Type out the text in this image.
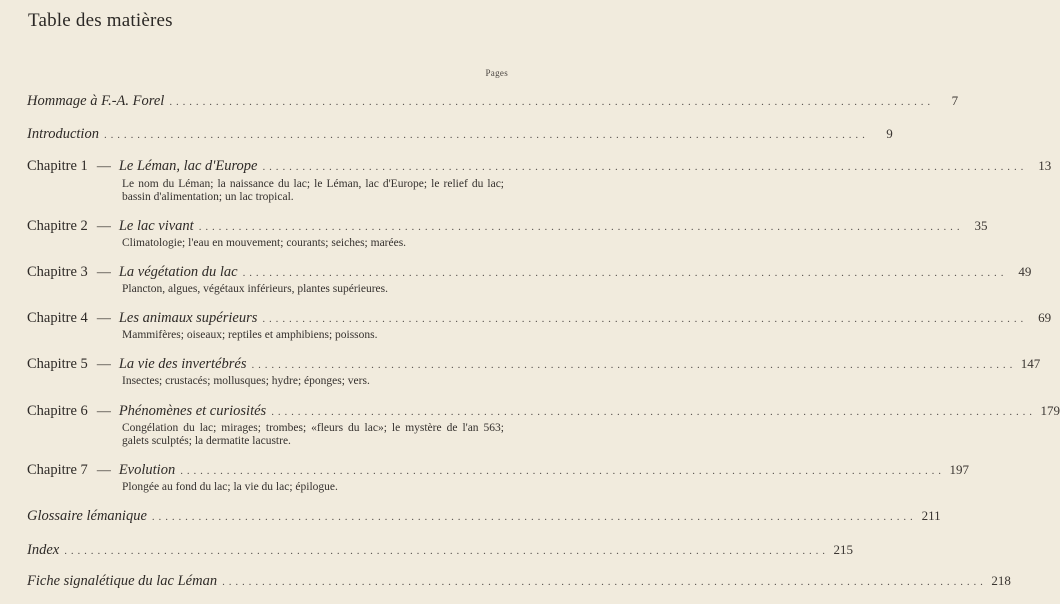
Table des matières
Pages
Hommage à F.-A. Forel ...................................................................................................................	7
Introduction ...................................................................................................................	9
Chapitre 1 — Le Léman, lac d'Europe ................................................................................................................... 13
Le nom du Léman; la naissance du lac; le Léman, lac d'Europe; le relief du lac; bassin d'alimentation; un lac tropical.
Chapitre 2 — Le lac vivant ................................................................................................................... 35
Climatologie; l'eau en mouvement; courants; seiches; marées.
Chapitre 3 — La végétation du lac ................................................................................................................... 49
Plancton, algues, végétaux inférieurs, plantes supérieures.
Chapitre 4 — Les animaux supérieurs ................................................................................................................... 69
Mammifères; oiseaux; reptiles et amphibiens; poissons.
Chapitre 5 — La vie des invertébrés ................................................................................................................... 147
Insectes; crustacés; mollusques; hydre; éponges; vers.
Chapitre 6 — Phénomènes et curiosités ................................................................................................................... 179
Congélation du lac; mirages; trombes; «fleurs du lac»; le mystère de l'an 563; galets sculptés; la dermatite lacustre.
Chapitre 7 — Evolution ................................................................................................................... 197
Plongée au fond du lac; la vie du lac; épilogue.
Glossaire lémanique ................................................................................................................... 211
Index ................................................................................................................... 215
Fiche signalétique du lac Léman ................................................................................................................... 218
